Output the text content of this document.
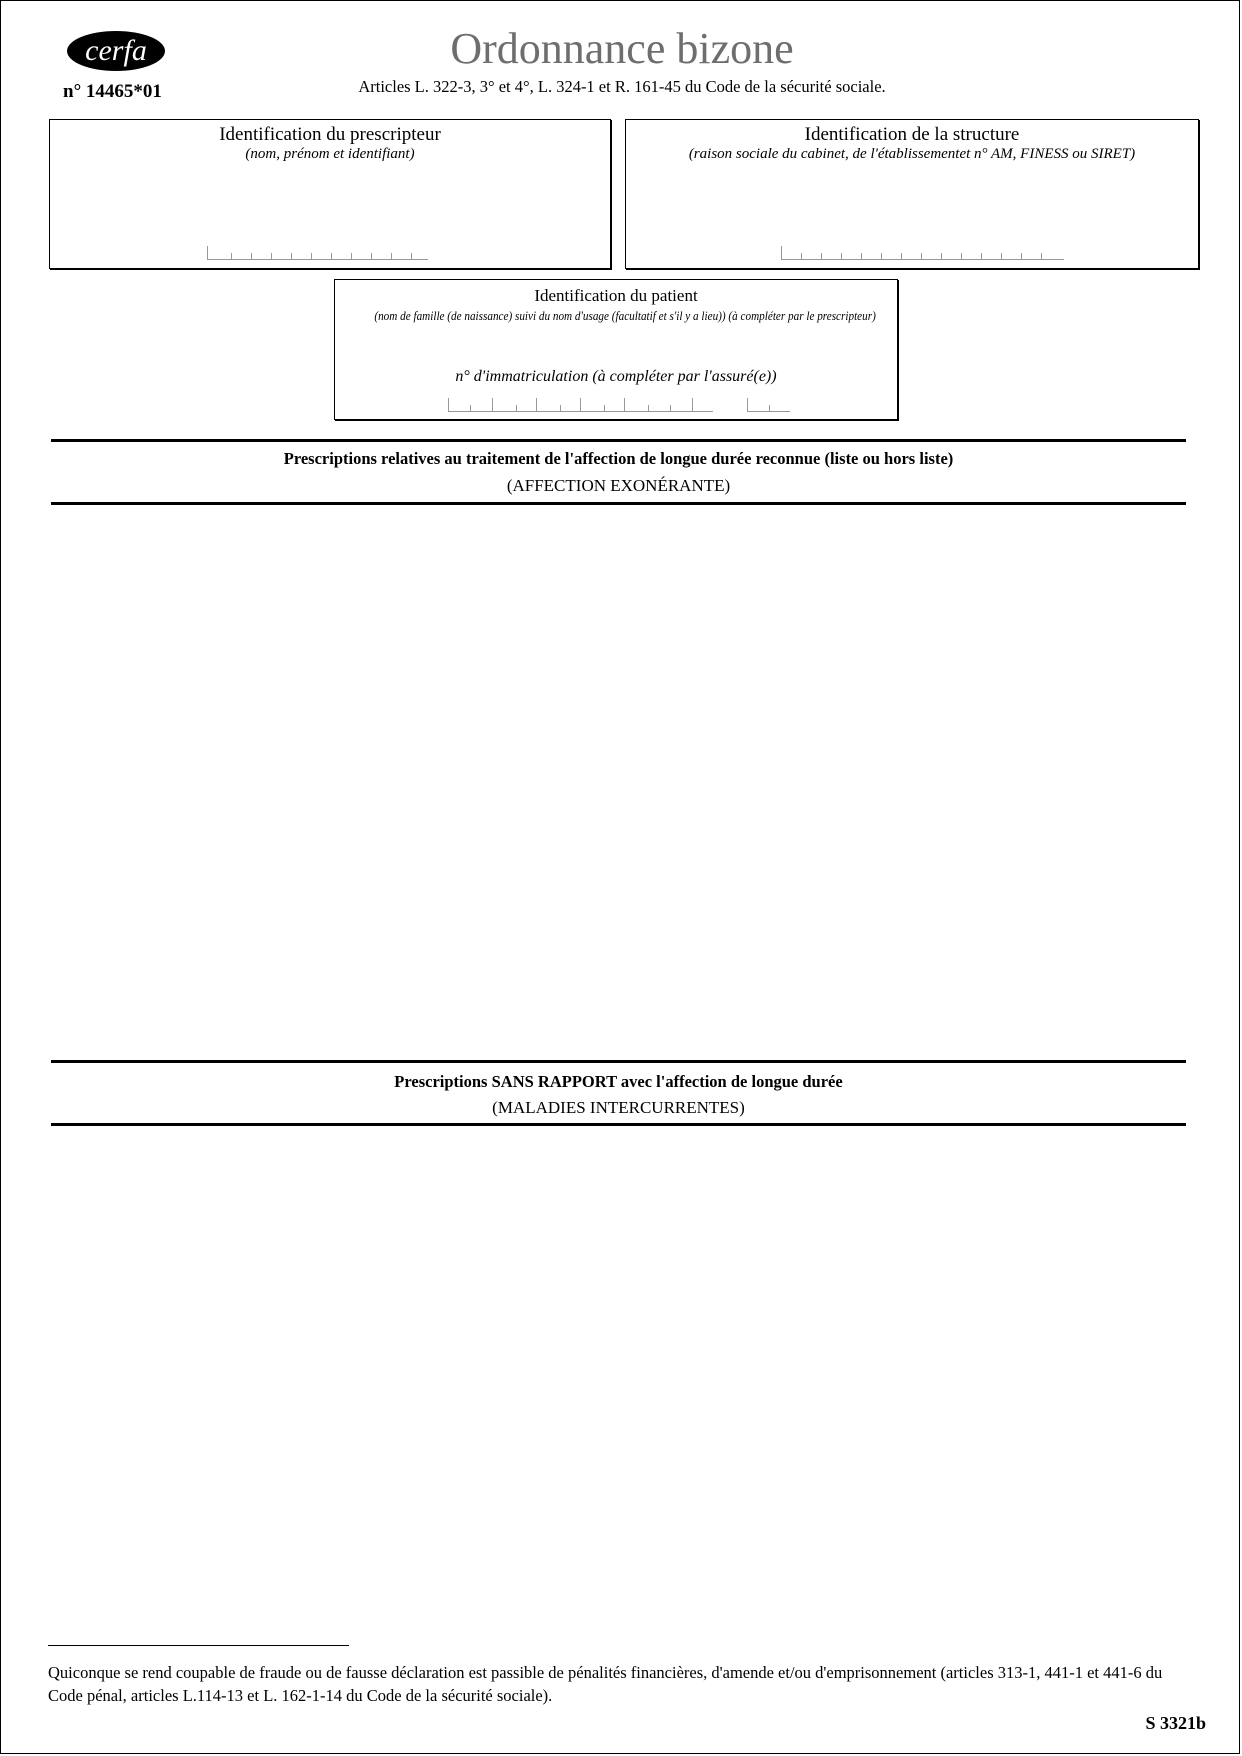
cerfa
n° 14465*01
Ordonnance bizone
Articles L. 322-3, 3° et 4°, L. 324-1 et R. 161-45 du Code de la sécurité sociale.
Identification du prescripteur
(nom, prénom et identifiant)
Identification de la structure
(raison sociale du cabinet, de l'établissementet n° AM, FINESS ou SIRET)
Identification du patient
(nom de famille (de naissance) suivi du nom d'usage (facultatif et s'il y a lieu)) (à compléter par le prescripteur)
n° d'immatriculation (à compléter par l'assuré(e))
Prescriptions relatives au traitement de l'affection de longue durée reconnue (liste ou hors liste)
(AFFECTION EXONÉRANTE)
Prescriptions SANS RAPPORT avec l'affection de longue durée
(MALADIES INTERCURRENTES)
Quiconque se rend coupable de fraude ou de fausse déclaration est passible de pénalités financières, d'amende et/ou d'emprisonnement (articles 313-1, 441-1 et 441-6 du Code pénal, articles L.114-13 et L. 162-1-14 du Code de la sécurité sociale).
S 3321b
